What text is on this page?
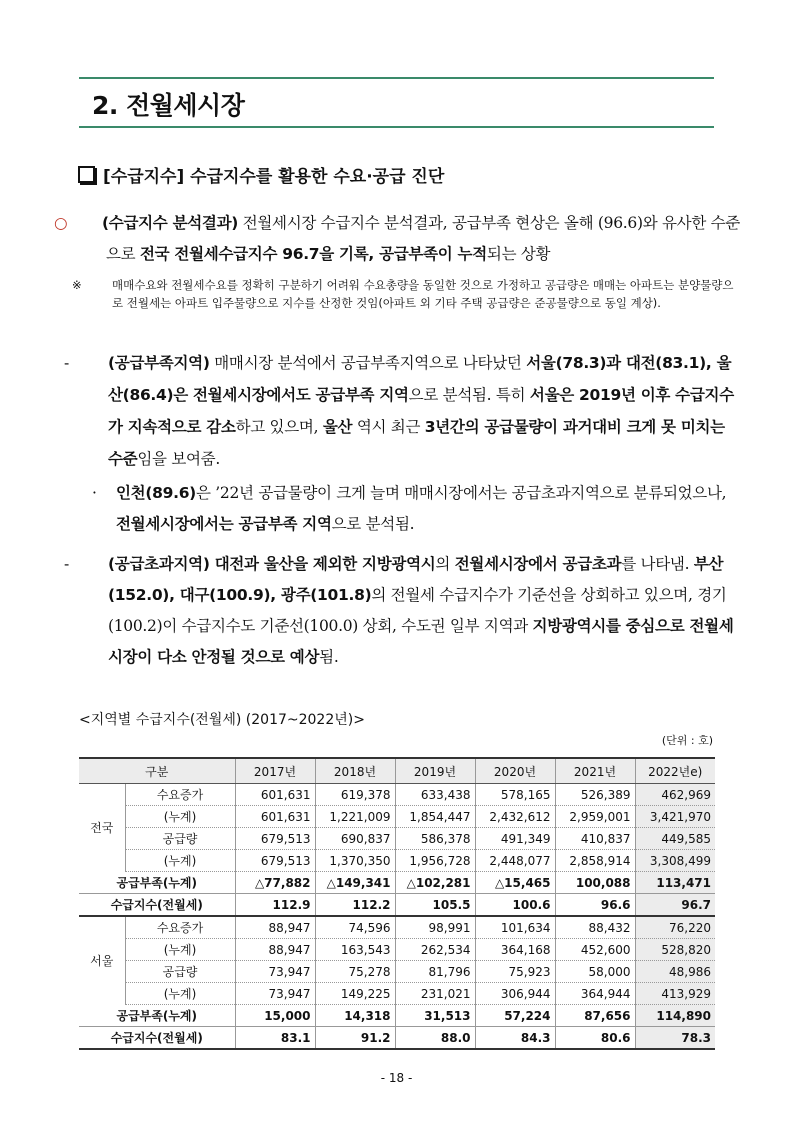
2. 전월세시장
[수급지수] 수급지수를 활용한 수요·공급 진단
○ (수급지수 분석결과) 전월세시장 수급지수 분석결과, 공급부족 현상은 올해 (96.6)와 유사한 수준으로 전국 전월세수급지수 96.7을 기록, 공급부족이 누적되는 상황
※	매매수요와 전월세수요를 정확히 구분하기 어려워 수요총량을 동일한 것으로 가정하고 공급량은 매매는 아파트는 분양물량으로 전월세는 아파트 입주물량으로 지수를 산정한 것임(아파트 외 기타 주택 공급량은 준공물량으로 동일 계상).
-	(공급부족지역) 매매시장 분석에서 공급부족지역으로 나타났던 서울(78.3)과 대전(83.1), 울산(86.4)은 전월세시장에서도 공급부족 지역으로 분석됨. 특히 서울은 2019년 이후 수급지수가 지속적으로 감소하고 있으며, 울산 역시 최근 3년간의 공급물량이 과거대비 크게 못 미치는 수준임을 보여줌.
· 인천(89.6)은 ’22년 공급물량이 크게 늘며 매매시장에서는 공급초과지역으로 분류되었으나, 전월세시장에서는 공급부족 지역으로 분석됨.
-	(공급초과지역) 대전과 울산을 제외한 지방광역시의 전월세시장에서 공급초과를 나타냄. 부산(152.0), 대구(100.9), 광주(101.8)의 전월세 수급지수가 기준선을 상회하고 있으며, 경기(100.2)이 수급지수도 기준선(100.0) 상회, 수도권 일부 지역과 지방광역시를 중심으로 전월세시장이 다소 안정될 것으로 예상됨.
<지역별 수급지수(전월세) (2017~2022년)>
(단위 : 호)
구분		2017년	2018년	2019년	2020년	2021년	2022년e)
전국	수요증가	601,631	619,378	633,438	578,165	526,389	462,969
	(누계)	601,631	1,221,009	1,854,447	2,432,612	2,959,001	3,421,970
	공급량	679,513	690,837	586,378	491,349	410,837	449,585
	(누계)	679,513	1,370,350	1,956,728	2,448,077	2,858,914	3,308,499
공급부족(누계)		△77,882	△149,341	△102,281	△15,465	100,088	113,471
수급지수(전월세)		112.9	112.2	105.5	100.6	96.6	96.7
서울	수요증가	88,947	74,596	98,991	101,634	88,432	76,220
	(누계)	88,947	163,543	262,534	364,168	452,600	528,820
	공급량	73,947	75,278	81,796	75,923	58,000	48,986
	(누계)	73,947	149,225	231,021	306,944	364,944	413,929
공급부족(누계)		15,000	14,318	31,513	57,224	87,656	114,890
수급지수(전월세)		83.1	91.2	88.0	84.3	80.6	78.3
- 18 -
